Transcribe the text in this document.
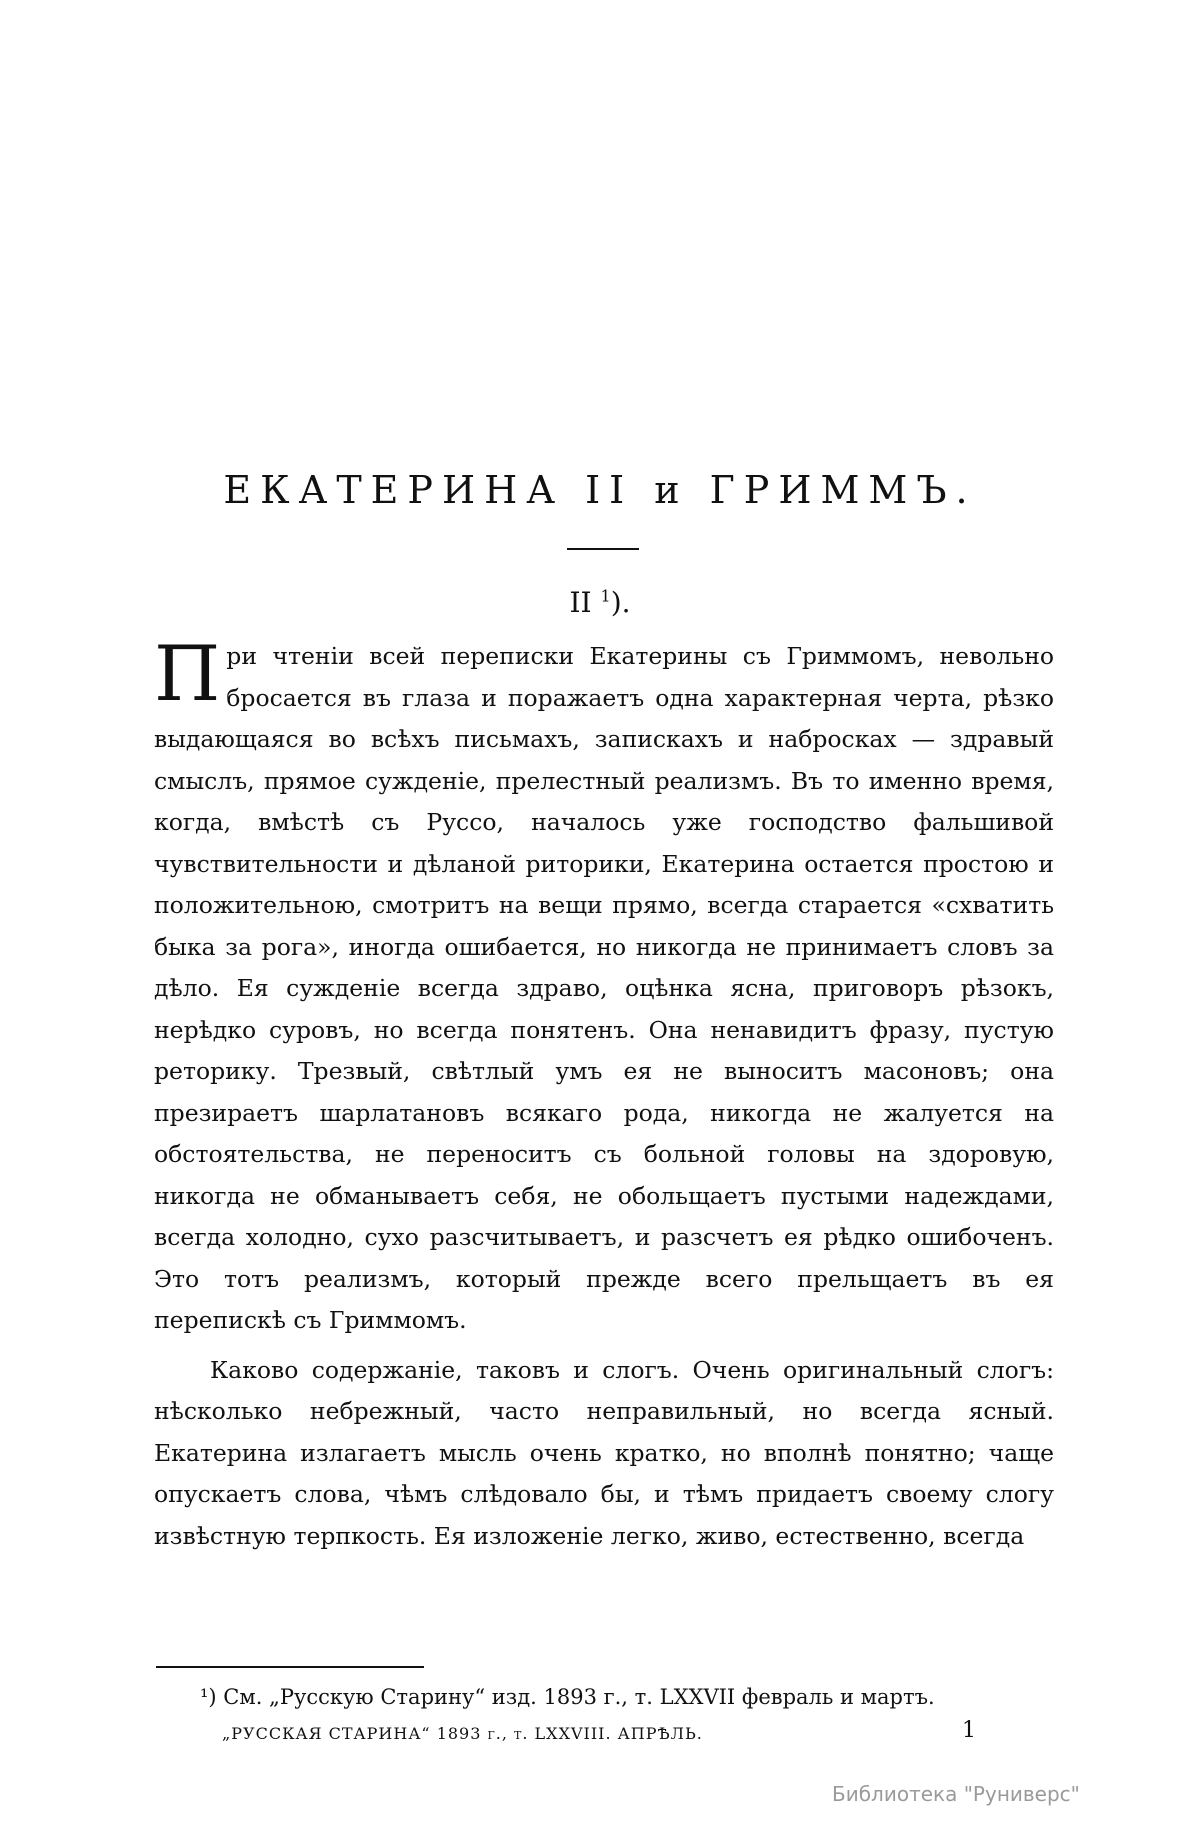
ЕКАТЕРИНА II и ГРИММЪ.
II $^1$).

П ри чтеніи всей переписки Екатерины съ Гриммомъ, невольно бросается въ глаза и поражаетъ одна характерная черта, рѣзко выдающаяся во всѣхъ письмахъ, запискахъ и набросках — здравый смыслъ, прямое сужденіе, прелестный реализмъ. Въ то именно время, когда, вмѣстѣ съ Руссо, началось уже господство фальшивой чувствительности и дѣланой риторики, Екатерина остается простою и положительною, смотритъ на вещи прямо, всегда старается «схватить быка за рога», иногда ошибается, но никогда не принимаетъ словъ за дѣло. Ея сужденіе всегда здраво, оцѣнка ясна, приговоръ рѣзокъ, нерѣдко суровъ, но всегда понятенъ. Она ненавидитъ фразу, пустую реторику. Трезвый, свѣтлый умъ ея не выноситъ масоновъ; она презираетъ шарлатановъ всякаго рода, никогда не жалуется на обстоятельства, не переноситъ съ больной головы на здоровую, никогда не обманываетъ себя, не обольщаетъ пустыми надеждами, всегда холодно, сухо разсчитываетъ, и разсчетъ ея рѣдко ошибоченъ. Это тотъ реализмъ, который прежде всего прельщаетъ въ ея перепискѣ съ Гриммомъ.

Каково содержаніе, таковъ и слогъ. Очень оригинальный слогъ: нѣсколько небрежный, часто неправильный, но всегда ясный. Екатерина излагаетъ мысль очень кратко, но вполнѣ понятно; чаще опускаетъ слова, чѣмъ слѣдовало бы, и тѣмъ придаетъ своему слогу извѣстную терпкость. Ея изложеніе легко, живо, естественно, всегда

¹) См. „Русскую Старину“ изд. 1893 г., т. LXXVII февраль и мартъ.

„РУССКАЯ СТАРИНА“ 1893 г., т. LXXVIII. АПРѢЛЬ.	1
Библиотека "Руниверс"
